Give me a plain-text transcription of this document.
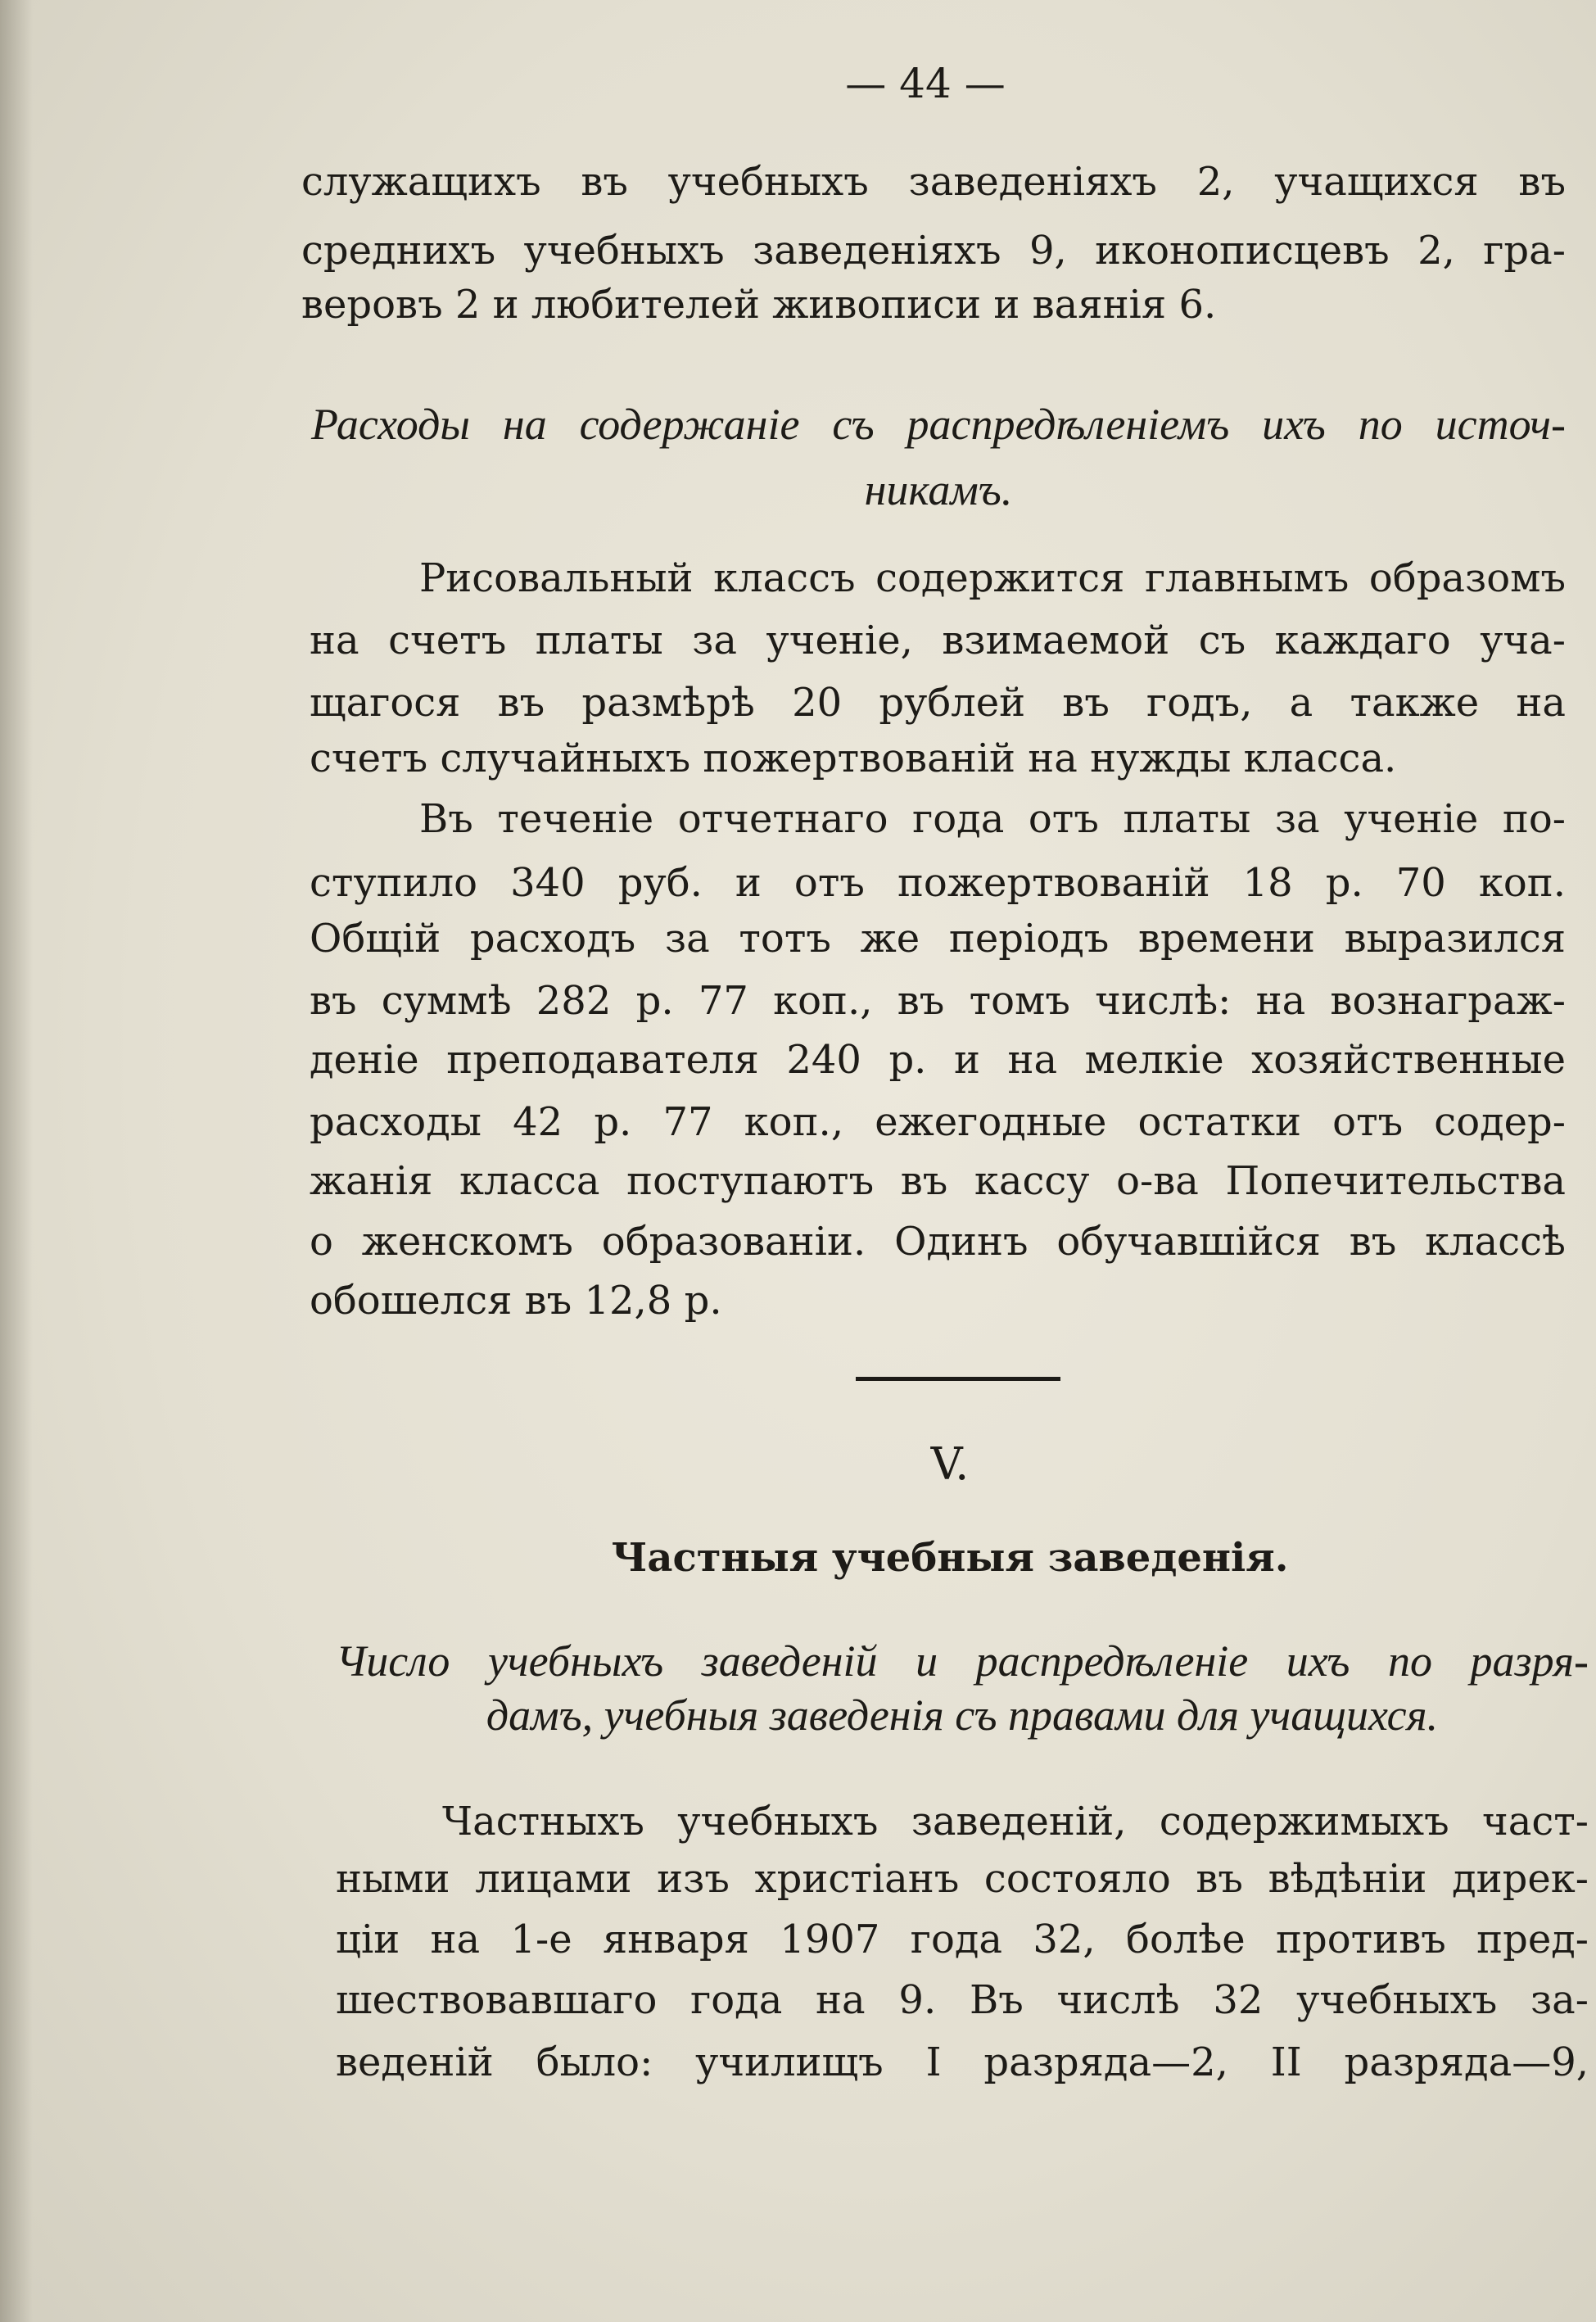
— 44 —

служащихъ въ учебныхъ заведеніяхъ 2, учащихся въ

среднихъ учебныхъ заведеніяхъ 9, иконописцевъ 2, гра-

веровъ 2 и любителей живописи и ваянія 6.

Расходы на содержаніе съ распредѣленіемъ ихъ по источ-

никамъ.

Рисовальный классъ содержится главнымъ образомъ

на счетъ платы за ученіе, взимаемой съ каждаго уча-

щагося въ размѣрѣ 20 рублей въ годъ, а также на

счетъ случайныхъ пожертвованій на нужды класса.

Въ теченіе отчетнаго года отъ платы за ученіе по-

ступило 340 руб. и отъ пожертвованій 18 р. 70 коп.

Общій расходъ за тотъ же періодъ времени выразился

въ суммѣ 282 р. 77 коп., въ томъ числѣ: на вознаграж-

деніе преподавателя 240 р. и на мелкіе хозяйственные

расходы 42 р. 77 коп., ежегодные остатки отъ содер-

жанія класса поступаютъ въ кассу о-ва Попечительства

о женскомъ образованіи. Одинъ обучавшійся въ классѣ

обошелся въ 12,8 р.

V.

Частныя учебныя заведенія.

Число учебныхъ заведеній и распредѣленіе ихъ по разря-

дамъ, учебныя заведенія съ правами для учащихся.

Частныхъ учебныхъ заведеній, содержимыхъ част-

ными лицами изъ христіанъ состояло въ вѣдѣніи дирек-

ціи на 1-е января 1907 года 32, болѣе противъ пред-

шествовавшаго года на 9. Въ числѣ 32 учебныхъ за-

веденій было: училищъ I разряда—2, II разряда—9,
